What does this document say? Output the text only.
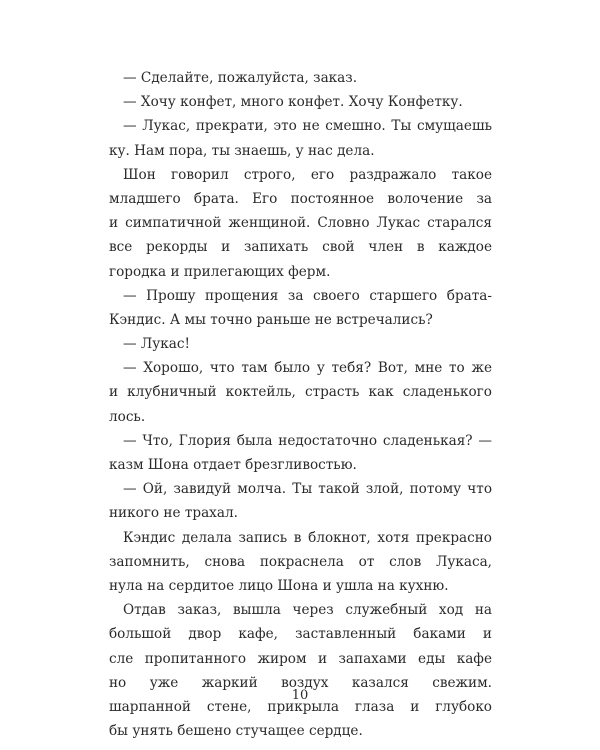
— Сделайте, пожалуйста, заказ.
— Хочу конфет, много конфет. Хочу Конфетку.
— Лукас, прекрати, это не смешно. Ты смущаешь
ку. Нам пора, ты знаешь, у нас дела.
Шон говорил строго, его раздражало такое
младшего брата. Его постоянное волочение за
и симпатичной женщиной. Словно Лукас старался
все рекорды и запихать свой член в каждое
городка и прилегающих ферм.
— Прошу прощения за своего старшего брата-
Кэндис. А мы точно раньше не встречались?
— Лукас!
— Хорошо, что там было у тебя? Вот, мне то же
и клубничный коктейль, страсть как сладенького
лось.
— Что, Глория была недостаточно сладенькая? —
казм Шона отдает брезгливостью.
— Ой, завидуй молча. Ты такой злой, потому что
никого не трахал.
Кэндис делала запись в блокнот, хотя прекрасно
запомнить, снова покраснела от слов Лукаса,
нула на сердитое лицо Шона и ушла на кухню.
Отдав заказ, вышла через служебный ход на
большой двор кафе, заставленный баками и
сле пропитанного жиром и запахами еды кафе
но уже жаркий воздух казался свежим.
шарпанной стене, прикрыла глаза и глубоко
бы унять бешено стучащее сердце.
10
